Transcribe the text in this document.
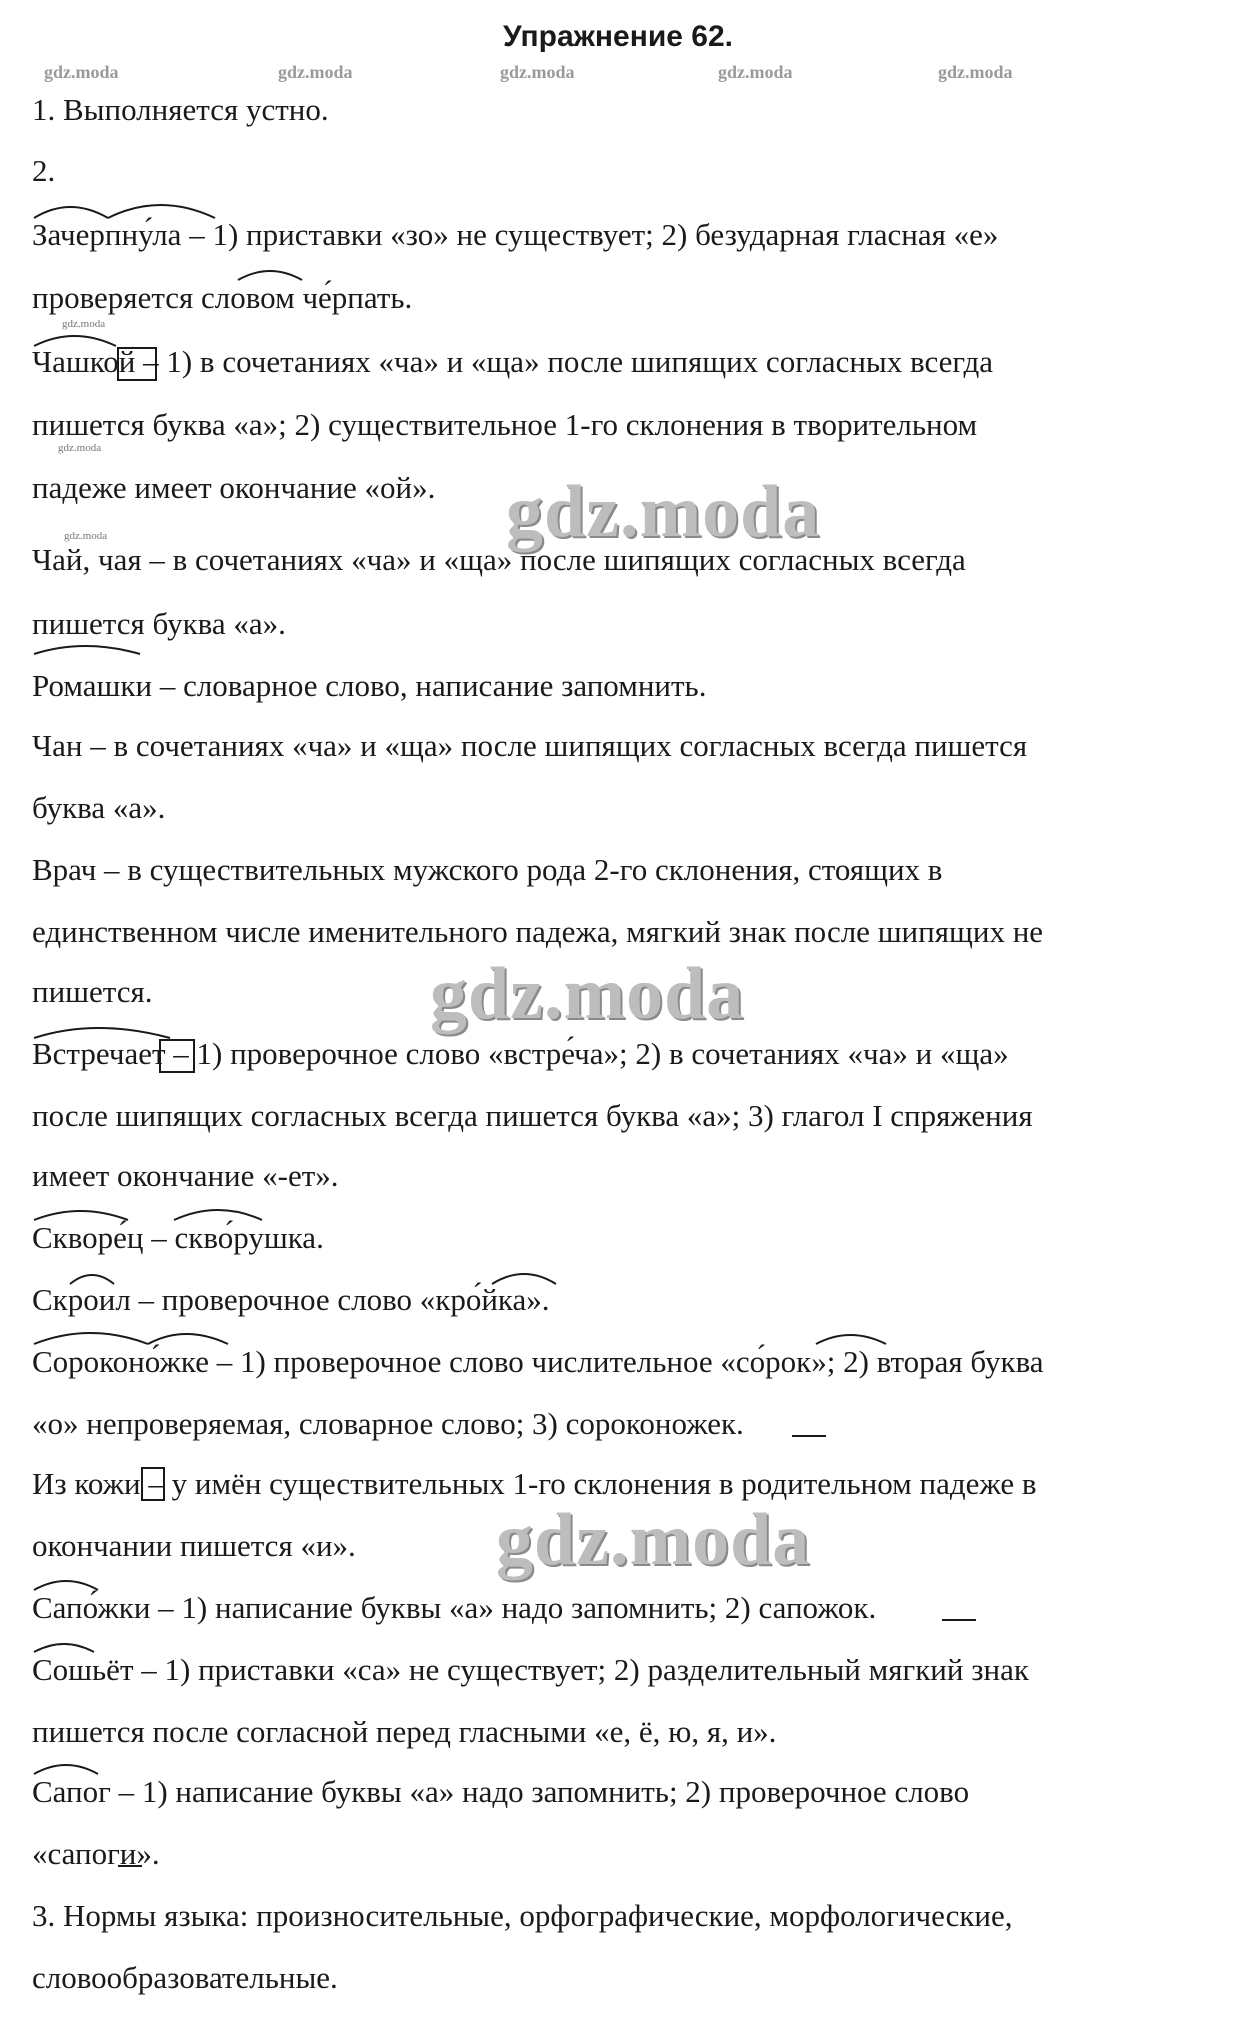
Упражнение 62.
gdz.moda	gdz.moda	gdz.moda	gdz.moda	gdz.moda
gdz.moda
gdz.moda
gdz.moda
1. Выполняется устно.
2.
Зачерпну́ла – 1) приставки «зо» не существует; 2) безударная гласная «е»
проверяется словом че́рпать.
Чашкой – 1) в сочетаниях «ча» и «ща» после шипящих согласных всегда
пишется буква «а»; 2) существительное 1-го склонения в творительном
падеже имеет окончание «ой».
Чай, чая – в сочетаниях «ча» и «ща» после шипящих согласных всегда
пишется буква «а».
Ромашки – словарное слово, написание запомнить.
Чан – в сочетаниях «ча» и «ща» после шипящих согласных всегда пишется
буква «а».
Врач – в существительных мужского рода 2-го склонения, стоящих в
единственном числе именительного падежа, мягкий знак после шипящих не
пишется.
Встречает – 1) проверочное слово «встре́ча»; 2) в сочетаниях «ча» и «ща»
после шипящих согласных всегда пишется буква «а»; 3) глагол I спряжения
имеет окончание «-ет».
Скворе́ц – скво́рушка.
Скроил – проверочное слово «кро́йка».
Сороконо́жке – 1) проверочное слово числительное «со́рок»; 2) вторая буква
«о» непроверяемая, словарное слово; 3) сороконожек.
Из кожи – у имён существительных 1-го склонения в родительном падеже в
окончании пишется «и».
Сапо́жки – 1) написание буквы «а» надо запомнить; 2) сапожок.
Сошьёт – 1) приставки «са» не существует; 2) разделительный мягкий знак
пишется после согласной перед гласными «е, ё, ю, я, и».
Сапог – 1) написание буквы «а» надо запомнить; 2) проверочное слово
«сапоги».
3. Нормы языка: произносительные, орфографические, морфологические,
словообразовательные.
gdz.moda
gdz.moda
gdz.moda
